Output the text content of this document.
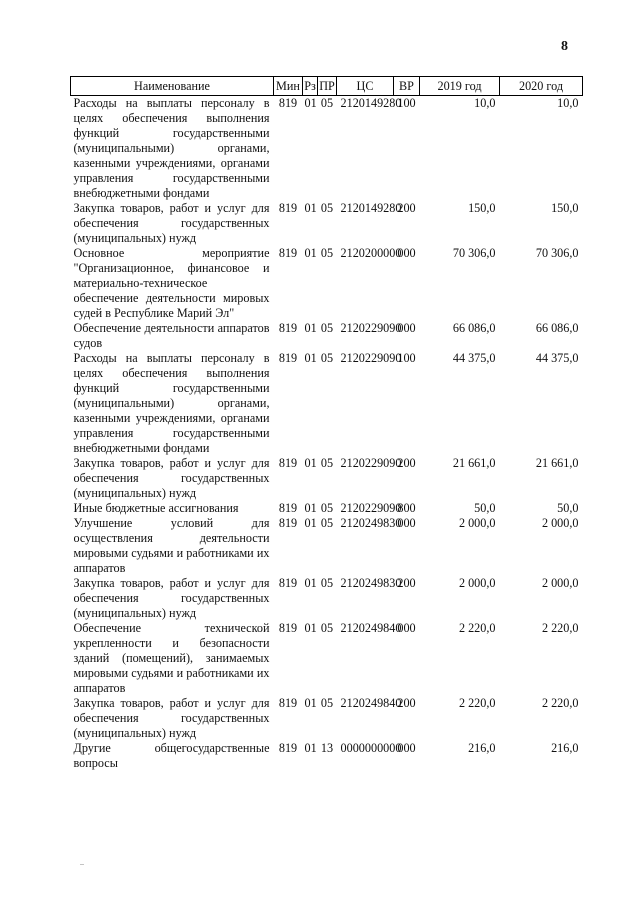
8
Наименование	Мин	Рз	ПР	ЦС	ВР	2019 год	2020 год
Расходы на выплаты персоналу в целях обеспечения выполнения функций государственными (муниципальными) органами, казенными учреждениями, органами управления государственными внебюджетными фондами	819	01	05	2120149280	100	10,0	10,0
Закупка товаров, работ и услуг для обеспечения государственных (муниципальных) нужд	819	01	05	2120149280	200	150,0	150,0
Основное мероприятие "Организационное, финансовое и материально-техническое обеспечение деятельности мировых судей в Республике Марий Эл"	819	01	05	2120200000	000	70 306,0	70 306,0
Обеспечение деятельности аппаратов судов	819	01	05	2120229090	000	66 086,0	66 086,0
Расходы на выплаты персоналу в целях обеспечения выполнения функций государственными (муниципальными) органами, казенными учреждениями, органами управления государственными внебюджетными фондами	819	01	05	2120229090	100	44 375,0	44 375,0
Закупка товаров, работ и услуг для обеспечения государственных (муниципальных) нужд	819	01	05	2120229090	200	21 661,0	21 661,0
Иные бюджетные ассигнования	819	01	05	2120229090	800	50,0	50,0
Улучшение условий для осуществления деятельности мировыми судьями и работниками их аппаратов	819	01	05	2120249830	000	2 000,0	2 000,0
Закупка товаров, работ и услуг для обеспечения государственных (муниципальных) нужд	819	01	05	2120249830	200	2 000,0	2 000,0
Обеспечение технической укрепленности и безопасности зданий (помещений), занимаемых мировыми судьями и работниками их аппаратов	819	01	05	2120249840	000	2 220,0	2 220,0
Закупка товаров, работ и услуг для обеспечения государственных (муниципальных) нужд	819	01	05	2120249840	200	2 220,0	2 220,0
Другие общегосударственные вопросы	819	01	13	0000000000	000	216,0	216,0
..
